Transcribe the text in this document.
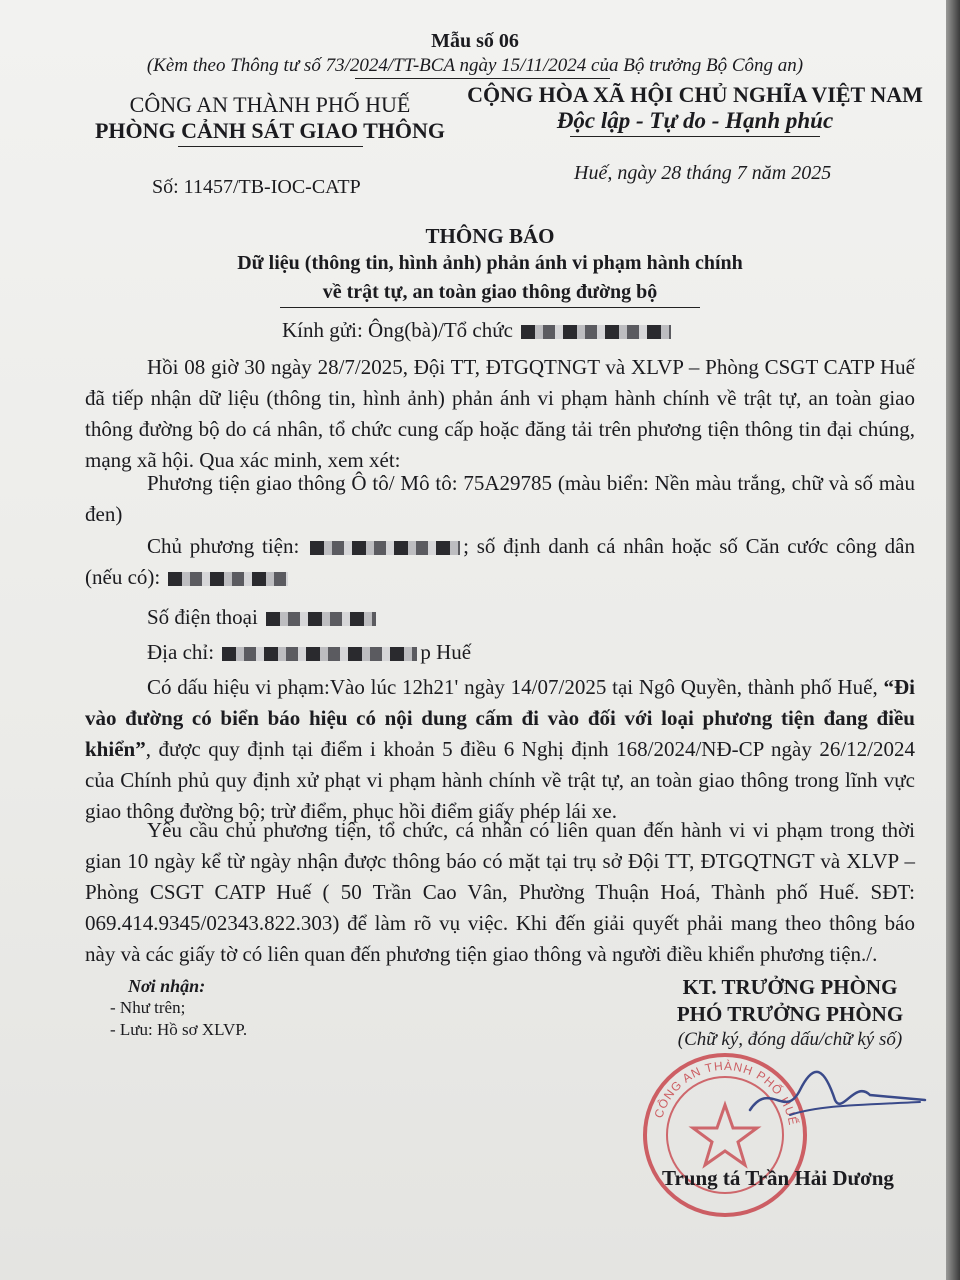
Mẫu số 06
(Kèm theo Thông tư số 73/2024/TT-BCA ngày 15/11/2024 của Bộ trưởng Bộ Công an)
CÔNG AN THÀNH PHỐ HUẾ
PHÒNG CẢNH SÁT GIAO THÔNG
CỘNG HÒA XÃ HỘI CHỦ NGHĨA VIỆT NAM
Độc lập - Tự do - Hạnh phúc
Số: 11457/TB-IOC-CATP
Huế, ngày 28 tháng 7 năm 2025
THÔNG BÁO
Dữ liệu (thông tin, hình ảnh) phản ánh vi phạm hành chính
về trật tự, an toàn giao thông đường bộ
Kính gửi: Ông(bà)/Tổ chức

Hồi 08 giờ 30 ngày 28/7/2025, Đội TT, ĐTGQTNGT và XLVP – Phòng CSGT CATP Huế đã tiếp nhận dữ liệu (thông tin, hình ảnh) phản ánh vi phạm hành chính về trật tự, an toàn giao thông đường bộ do cá nhân, tổ chức cung cấp hoặc đăng tải trên phương tiện thông tin đại chúng, mạng xã hội. Qua xác minh, xem xét:

Phương tiện giao thông Ô tô/ Mô tô: 75A29785 (màu biển: Nền màu trắng, chữ và số màu đen)

Chủ phương tiện:	; số định danh cá nhân hoặc số Căn cước công dân (nếu có):

Số điện thoại

Địa chỉ:	p Huế

Có dấu hiệu vi phạm:Vào lúc 12h21' ngày 14/07/2025 tại Ngô Quyền, thành phố Huế, “Đi vào đường có biển báo hiệu có nội dung cấm đi vào đối với loại phương tiện đang điều khiển”, được quy định tại điểm i khoản 5 điều 6 Nghị định 168/2024/NĐ-CP ngày 26/12/2024 của Chính phủ quy định xử phạt vi phạm hành chính về trật tự, an toàn giao thông trong lĩnh vực giao thông đường bộ; trừ điểm, phục hồi điểm giấy phép lái xe.

Yêu cầu chủ phương tiện, tổ chức, cá nhân có liên quan đến hành vi vi phạm trong thời gian 10 ngày kể từ ngày nhận được thông báo có mặt tại trụ sở Đội TT, ĐTGQTNGT và XLVP – Phòng CSGT CATP Huế ( 50 Trần Cao Vân, Phường Thuận Hoá, Thành phố Huế. SĐT: 069.414.9345/02343.822.303) để làm rõ vụ việc. Khi đến giải quyết phải mang theo thông báo này và các giấy tờ có liên quan đến phương tiện giao thông và người điều khiển phương tiện./.

Nơi nhận:
- Như trên;
- Lưu: Hồ sơ XLVP.
KT. TRƯỞNG PHÒNG
PHÓ TRƯỞNG PHÒNG
(Chữ ký, đóng dấu/chữ ký số)
CÔNG AN THÀNH PHỐ HUẾ
Trung tá Trần Hải Dương
